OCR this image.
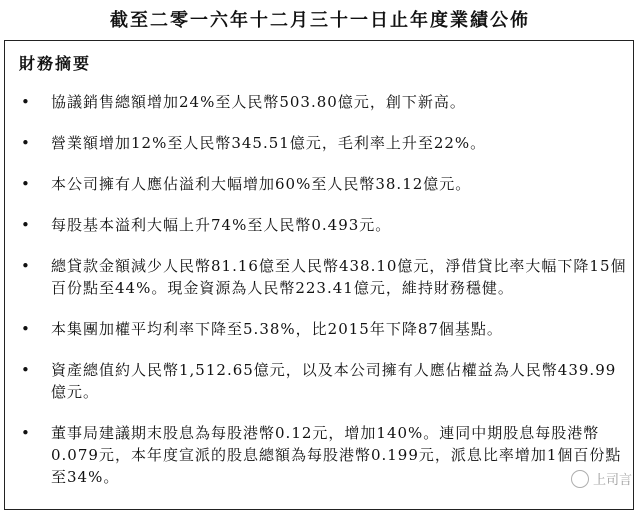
截至二零一六年十二月三十一日止年度業績公佈
財務摘要
• 協議銷售總額增加24%至人民幣503.80億元，創下新高。
• 營業額增加12%至人民幣345.51億元，毛利率上升至22%。
• 本公司擁有人應佔溢利大幅增加60%至人民幣38.12億元。
• 每股基本溢利大幅上升74%至人民幣0.493元。
• 總貸款金額減少人民幣81.16億至人民幣438.10億元，淨借貸比率大幅下降15個百份點至44%。現金資源為人民幣223.41億元，維持財務穩健。
• 本集團加權平均利率下降至5.38%，比2015年下降87個基點。
• 資產總值約人民幣1,512.65億元，以及本公司擁有人應佔權益為人民幣439.99億元。
• 董事局建議期末股息為每股港幣0.12元，增加140%。連同中期股息每股港幣0.079元，本年度宣派的股息總額為每股港幣0.199元，派息比率增加1個百份點至34%。	上司言
